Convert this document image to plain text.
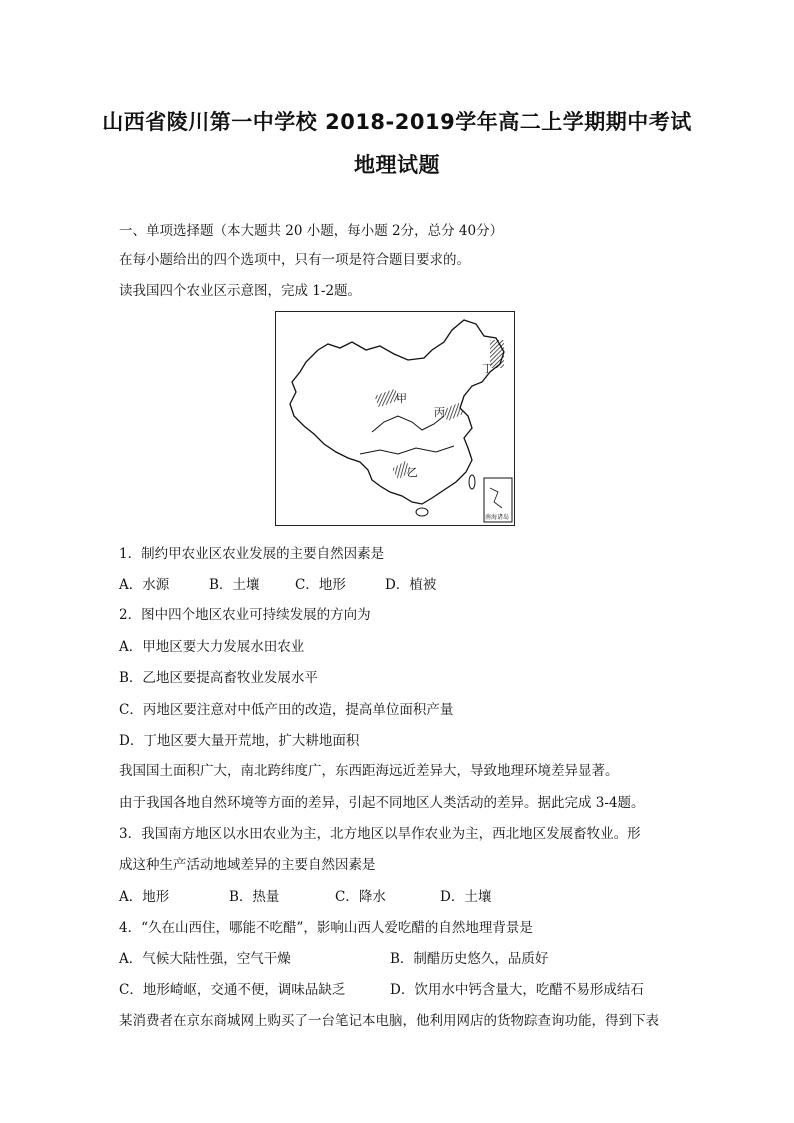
山西省陵川第一中学校 2018-2019学年高二上学期期中考试
地理试题
一、单项选择题（本大题共 20 小题，每小题 2分，总分 40分）
在每小题给出的四个选项中，只有一项是符合题目要求的。
读我国四个农业区示意图，完成 1-2题。
甲
乙
丙
丁
南海诸岛
1．制约甲农业区农业发展的主要自然因素是
A．水源	B．土壤	C．地形	D．植被
2．图中四个地区农业可持续发展的方向为
A．甲地区要大力发展水田农业
B．乙地区要提高畜牧业发展水平
C．丙地区要注意对中低产田的改造，提高单位面积产量
D．丁地区要大量开荒地，扩大耕地面积
我国国土面积广大，南北跨纬度广，东西距海远近差异大，导致地理环境差异显著。
由于我国各地自然环境等方面的差异，引起不同地区人类活动的差异。据此完成 3-4题。
3．我国南方地区以水田农业为主，北方地区以旱作农业为主，西北地区发展畜牧业。形
成这种生产活动地域差异的主要自然因素是
A．地形	B．热量	C．降水	D．土壤
4．“久在山西住，哪能不吃醋”，影响山西人爱吃醋的自然地理背景是
A．气候大陆性强，空气干燥	B．制醋历史悠久，品质好
C．地形崎岖，交通不便，调味品缺乏	D．饮用水中钙含量大，吃醋不易形成结石
某消费者在京东商城网上购买了一台笔记本电脑，他利用网店的货物踪查询功能，得到下表
